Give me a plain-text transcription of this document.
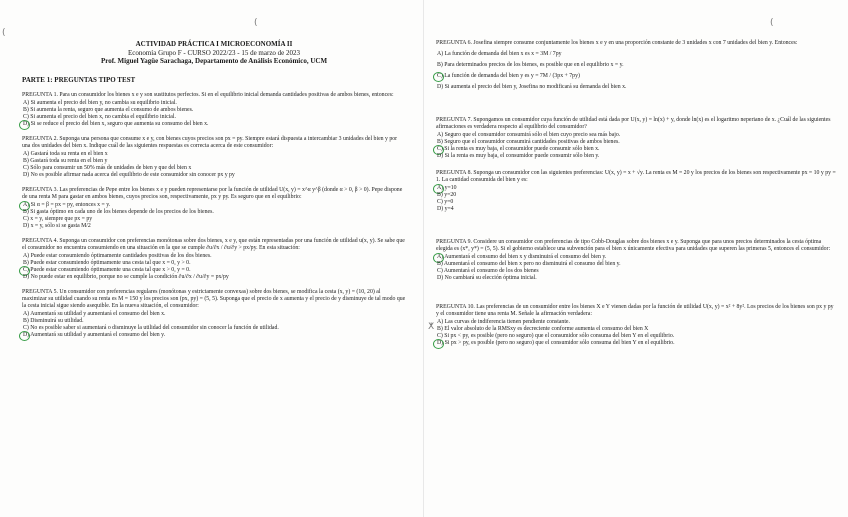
(
(
ACTIVIDAD PRÁCTICA I MICROECONOMÍA II
Economía Grupo F - CURSO 2022/23 - 15 de marzo de 2023
Prof. Miguel Yagüe Sarachaga, Departamento de Análisis Económico, UCM
PARTE 1: PREGUNTAS TIPO TEST
PREGUNTA 1. Para un consumidor los bienes x e y son sustitutos perfectos. Si en el equilibrio inicial demanda cantidades positivas de ambos bienes, entonces:
A) Si aumenta el precio del bien y, no cambia su equilibrio inicial.
B) Si aumenta la renta, seguro que aumenta el consumo de ambos bienes.
C) Si aumenta el precio del bien x, no cambia el equilibrio inicial.
D) Si se reduce el precio del bien x, seguro que aumenta su consumo del bien x.
PREGUNTA 2. Suponga una persona que consume x e y, con bienes cuyos precios son px = py. Siempre estará dispuesta a intercambiar 3 unidades del bien y por una dos unidades del bien x. Indique cuál de las siguientes respuestas es correcta acerca de este consumidor:
A) Gastará toda su renta en el bien x
B) Gastará toda su renta en el bien y
C) Sólo para consumir un 50% más de unidades de bien y que del bien x
D) No es posible afirmar nada acerca del equilibrio de este consumidor sin conocer px y py
PREGUNTA 3. Las preferencias de Pepe entre los bienes x e y pueden representarse por la función de utilidad U(x, y) = x^α y^β (donde α > 0, β > 0). Pepe dispone de una renta M para gastar en ambos bienes, cuyos precios son, respectivamente, px y py. Es seguro que en el equilibrio:
A) Si α = β = px = py, entonces x = y.
B) Si gasta óptimo en cada uno de los bienes depende de los precios de los bienes.
C) x = y, siempre que px = py
D) x = y, sólo si se gasta M/2
PREGUNTA 4. Suponga un consumidor con preferencias monótonas sobre dos bienes, x e y, que están representadas por una función de utilidad u(x, y). Se sabe que el consumidor no encuentra consumiendo en una situación en la que se cumple ∂u/∂x / ∂u/∂y > px/py. En esta situación:
A) Puede estar consumiendo óptimamente cantidades positivas de los dos bienes.
B) Puede estar consumiendo óptimamente una cesta tal que x = 0, y > 0.
C) Puede estar consumiendo óptimamente una cesta tal que x > 0, y = 0.
D) No puede estar en equilibrio, porque no se cumple la condición ∂u/∂x / ∂u/∂y = px/py
PREGUNTA 5. Un consumidor con preferencias regulares (monótonas y estrictamente convexas) sobre dos bienes, se modifica la cesta (x, y) = (10, 20) al maximizar su utilidad cuando su renta es M = 150 y los precios son (px, py) = (5, 5). Suponga que el precio de x aumenta y el precio de y disminuye de tal modo que la cesta inicial sigue siendo asequible. En la nueva situación, el consumidor:
A) Aumentará su utilidad y aumentará el consumo del bien x.
B) Disminuirá su utilidad.
C) No es posible saber si aumentará o disminuye la utilidad del consumidor sin conocer la función de utilidad.
D) Aumentará su utilidad y aumentará el consumo del bien y.
(
ⵅ
PREGUNTA 6. Josefina siempre consume conjuntamente los bienes x e y en una proporción constante de 3 unidades x con 7 unidades del bien y. Entonces:
A) La función de demanda del bien x es x = 3M / 7py
B) Para determinados precios de los bienes, es posible que en el equilibrio x = y.
C) La función de demanda del bien y es y = 7M / (3px + 7py)
D) Si aumenta el precio del bien y, Josefina no modificará su demanda del bien x.
PREGUNTA 7. Supongamos un consumidor cuya función de utilidad está dada por U(x, y) = ln(x) + y, donde ln(x) es el logaritmo neperiano de x. ¿Cuál de las siguientes afirmaciones es verdadera respecto al equilibrio del consumidor?
A) Seguro que el consumidor consumirá sólo el bien cuyo precio sea más bajo.
B) Seguro que el consumidor consumirá cantidades positivas de ambos bienes.
C) Si la renta es muy baja, el consumidor puede consumir sólo bien x.
D) Si la renta es muy baja, el consumidor puede consumir sólo bien y.
PREGUNTA 8. Suponga un consumidor con las siguientes preferencias: U(x, y) = x + √y. La renta es M = 20 y los precios de los bienes son respectivamente px = 10 y py = 1. La cantidad consumida del bien y es:
A) y=10
B) y=20
C) y=0
D) y=4
PREGUNTA 9. Considere un consumidor con preferencias de tipo Cobb-Douglas sobre dos bienes x e y. Suponga que para unos precios determinados la cesta óptima elegida es (x*, y*) = (5, 5). Si el gobierno establece una subvención para el bien x únicamente efectiva para unidades que superen las primeras 5, entonces el consumidor:
A) Aumentará el consumo del bien x y disminuirá el consumo del bien y.
B) Aumentará el consumo del bien x pero no disminuirá el consumo del bien y.
C) Aumentará el consumo de los dos bienes
D) No cambiará su elección óptima inicial.
PREGUNTA 10. Las preferencias de un consumidor entre los bienes X e Y vienen dadas por la función de utilidad U(x, y) = x² + 8y². Los precios de los bienes son px y py y el consumidor tiene una renta M. Señale la afirmación verdadera:
A) Las curvas de indiferencia tienen pendiente constante.
B) El valor absoluto de la RMSxy es decreciente conforme aumenta el consumo del bien X
C) Si px < py, es posible (pero no seguro) que el consumidor sólo consuma del bien Y en el equilibrio.
D) Si px > py, es posible (pero no seguro) que el consumidor sólo consuma del bien Y en el equilibrio.
